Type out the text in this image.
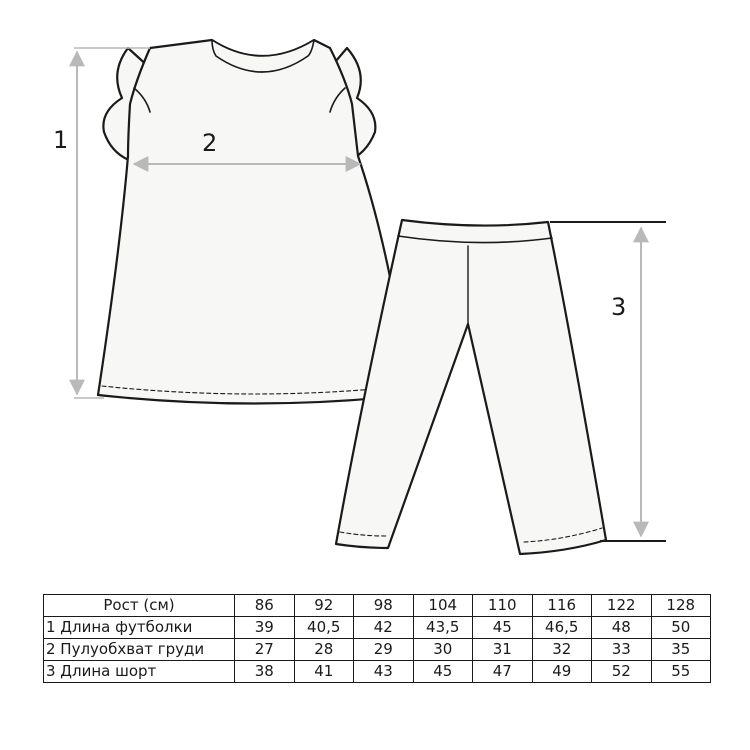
1	2
3
Рост (см)	86	92	98	104	110	116	122	128
1 Длина футболки	39	40,5	42	43,5	45	46,5	48	50
2 Пулуобхват груди	27	28	29	30	31	32	33	35
3 Длина шорт	38	41	43	45	47	49	52	55
